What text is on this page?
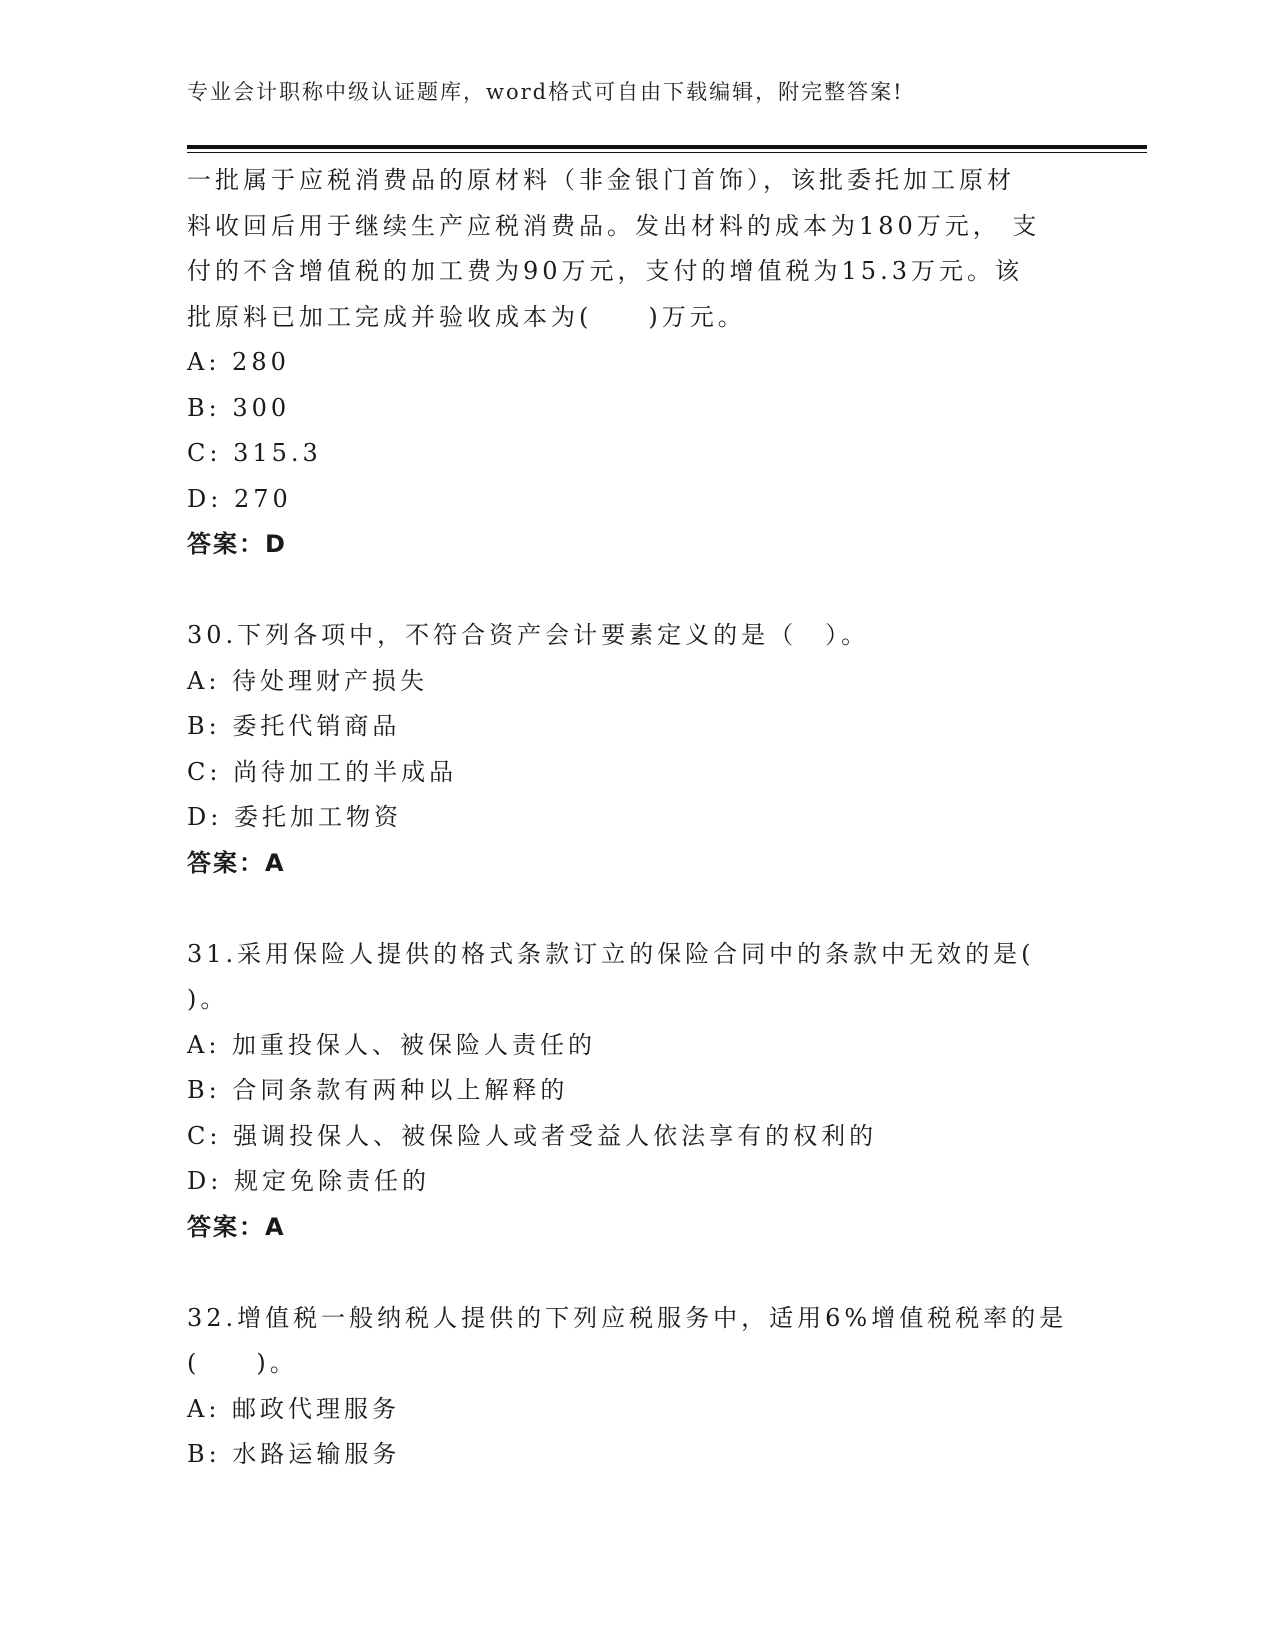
专业会计职称中级认证题库，word格式可自由下载编辑，附完整答案!
一批属于应税消费品的原材料（非金银门首饰），该批委托加工原材
料收回后用于继续生产应税消费品。发出材料的成本为180万元， 支
付的不含增值税的加工费为90万元，支付的增值税为15.3万元。该
批原料已加工完成并验收成本为(　　)万元。
A: 280
B: 300
C: 315.3
D: 270
答案：D
30.下列各项中，不符合资产会计要素定义的是（　）。
A: 待处理财产损失
B: 委托代销商品
C: 尚待加工的半成品
D: 委托加工物资
答案：A
31.采用保险人提供的格式条款订立的保险合同中的条款中无效的是(
)。
A: 加重投保人、被保险人责任的
B: 合同条款有两种以上解释的
C: 强调投保人、被保险人或者受益人依法享有的权利的
D: 规定免除责任的
答案：A
32.增值税一般纳税人提供的下列应税服务中，适用6%增值税税率的是
(　　)。
A: 邮政代理服务
B: 水路运输服务
